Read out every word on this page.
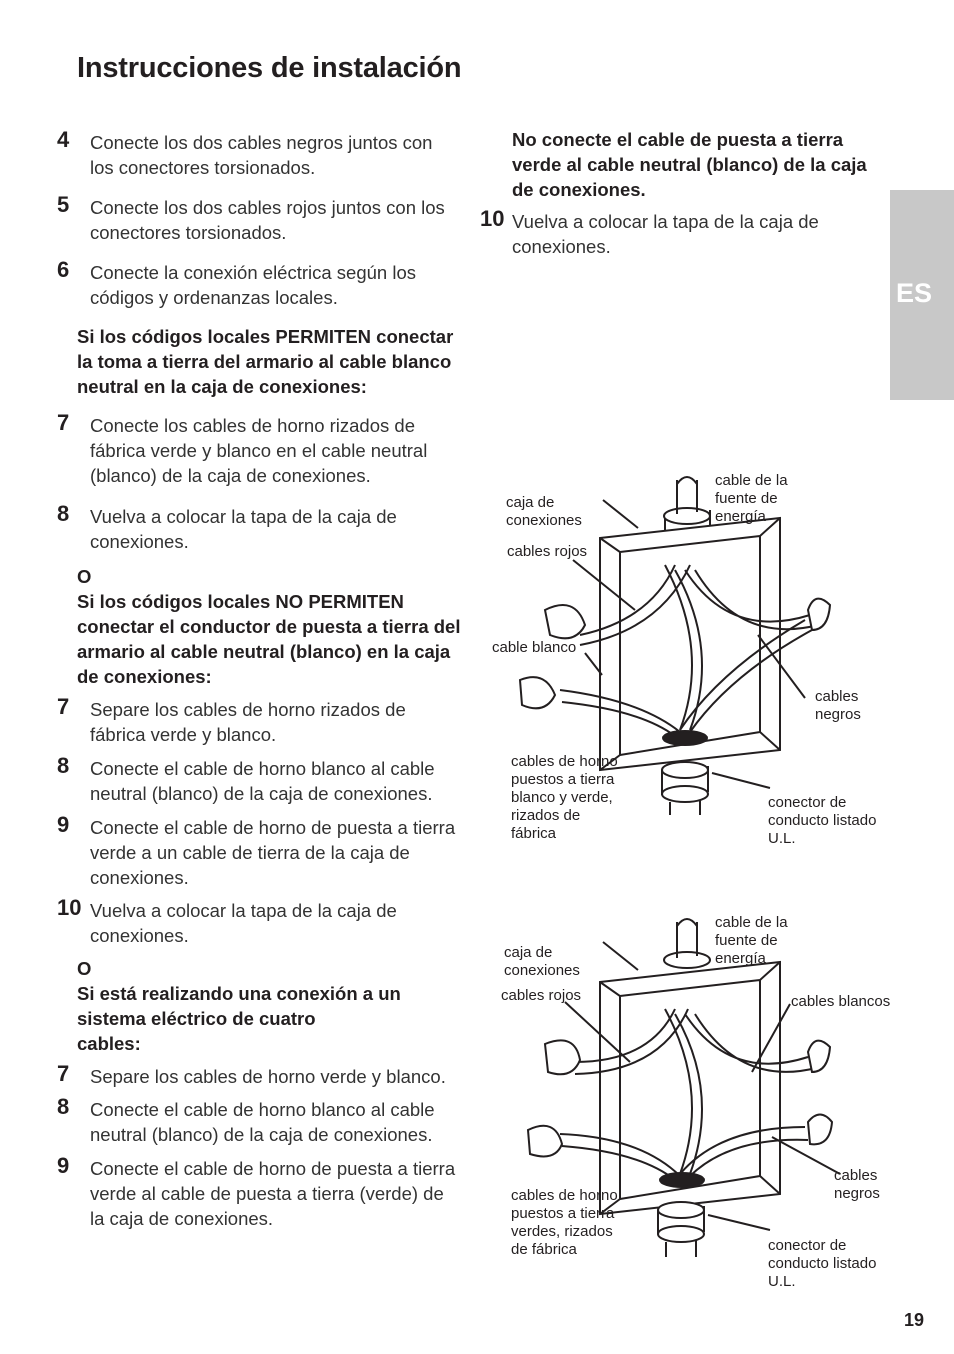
Instrucciones de instalación
ES
4 Conecte los dos cables negros juntos con los conectores torsionados.
5 Conecte los dos cables rojos juntos con los conectores torsionados.
6 Conecte la conexión eléctrica según los códigos y ordenanzas locales.
Si los códigos locales PERMITEN conectar la toma a tierra del armario al cable blanco neutral en la caja de conexiones:
7 Conecte los cables de horno rizados de fábrica verde y blanco en el cable neutral (blanco) de la caja de conexiones.
8 Vuelva a colocar la tapa de la caja de conexiones.
O
Si los códigos locales NO PERMITEN conectar el conductor de puesta a tierra del armario al cable neutral (blanco) en la caja de conexiones:
7 Separe los cables de horno rizados de fábrica verde y blanco.
8 Conecte el cable de horno blanco al cable neutral (blanco) de la caja de conexiones.
9 Conecte el cable de horno de puesta a tierra verde a un cable de tierra de la caja de conexiones.
10 Vuelva a colocar la tapa de la caja de conexiones.
O
Si está realizando una conexión a un sistema eléctrico de cuatro
cables:
7 Separe los cables de horno verde y blanco.
8 Conecte el cable de horno blanco al cable neutral (blanco) de la caja de conexiones.
9 Conecte el cable de horno de puesta a tierra verde al cable de puesta a tierra (verde) de la caja de conexiones.
No conecte el cable de puesta a tierra verde al cable neutral (blanco) de la caja de conexiones.
10 Vuelva a colocar la tapa de la caja de conexiones.
cable de la
fuente de
energía
caja de
conexiones
cables rojos
cable blanco
cables
negros
cables de horno
puestos a tierra
blanco y verde,
rizados de
fábrica
conector de
conducto listado
U.L.
cable de la
fuente de
energía
caja de
conexiones
cables rojos	cables blancos
cables
negros
cables de horno
puestos a tierra
verdes, rizados
de fábrica	conector de
conducto listado
U.L.
19
